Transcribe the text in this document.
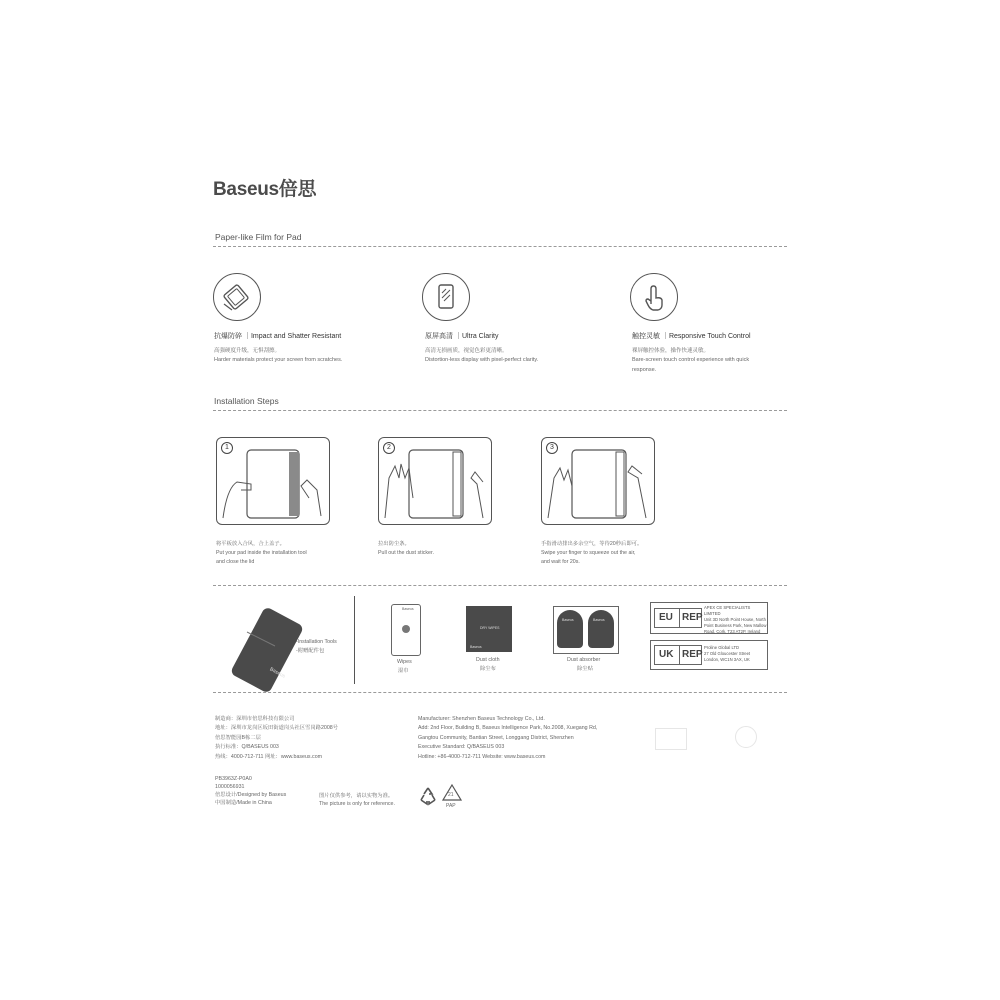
Baseus倍思
Paper-like Film for Pad
抗爆防碎 ｜Impact and Shatter Resistant
高强硬度升级，无惧刮擦。
Harder materials protect your screen from scratches.
原屏高清 ｜Ultra Clarity
高清无损画质，视觉色彩更清晰。
Distortion-less display with pixel-perfect clarity.
触控灵敏 ｜Responsive Touch Control
裸屏触控体验，操作快速灵敏。
Bare-screen touch control experience with quick response.
Installation Steps
1
将平板放入合风，合上盖子。
Put your pad inside the installation tool
and close the lid
2
拉出防尘条。
Pull out the dust sticker.
3
手指滑动排出多余空气，等待20秒后即可。
Swipe your finger to squeeze out the air,
and wait for 20s.
Baseus
-Installation Tools
-附赠配件包
Baseus
Wipes
湿巾
DRY WIPES
Baseus
Dust cloth
除尘布
Baseus	Baseus
Dust absorber
除尘贴
EU REP
APEX CE SPECIALISTS LIMITED
Unit 3D North Point House, North
Point Business Park, New Mallow
Road, Cork, T23 AT2P, Ireland
UK REP
Proline Global LTD
27 Old Gloucester Street
London, WC1N 3AX, UK
制造商：深圳市倍思科技有限公司
地址：深圳市龙岗区坂田街道岗头社区雪岗路2008号
倍思智能园B栋二层
执行标准：Q/BASEUS 003
热线：4000-712-711 网址：www.baseus.com
Manufacturer: Shenzhen Baseus Technology Co., Ltd.
Add: 2nd Floor, Building B, Baseus Intelligence Park, No.2008, Xuegang Rd,
Gangtou Community, Bantian Street, Longgang District, Shenzhen
Executive Standard: Q/BASEUS 003
Hotline: +86-4000-712-711 Website: www.baseus.com
PB3963Z-P0A0
1000056931
倍思设计/Designed by Baseus
中国制造/Made in China
图片仅供参考，请以实物为准。
The picture is only for reference.
21
PAP
